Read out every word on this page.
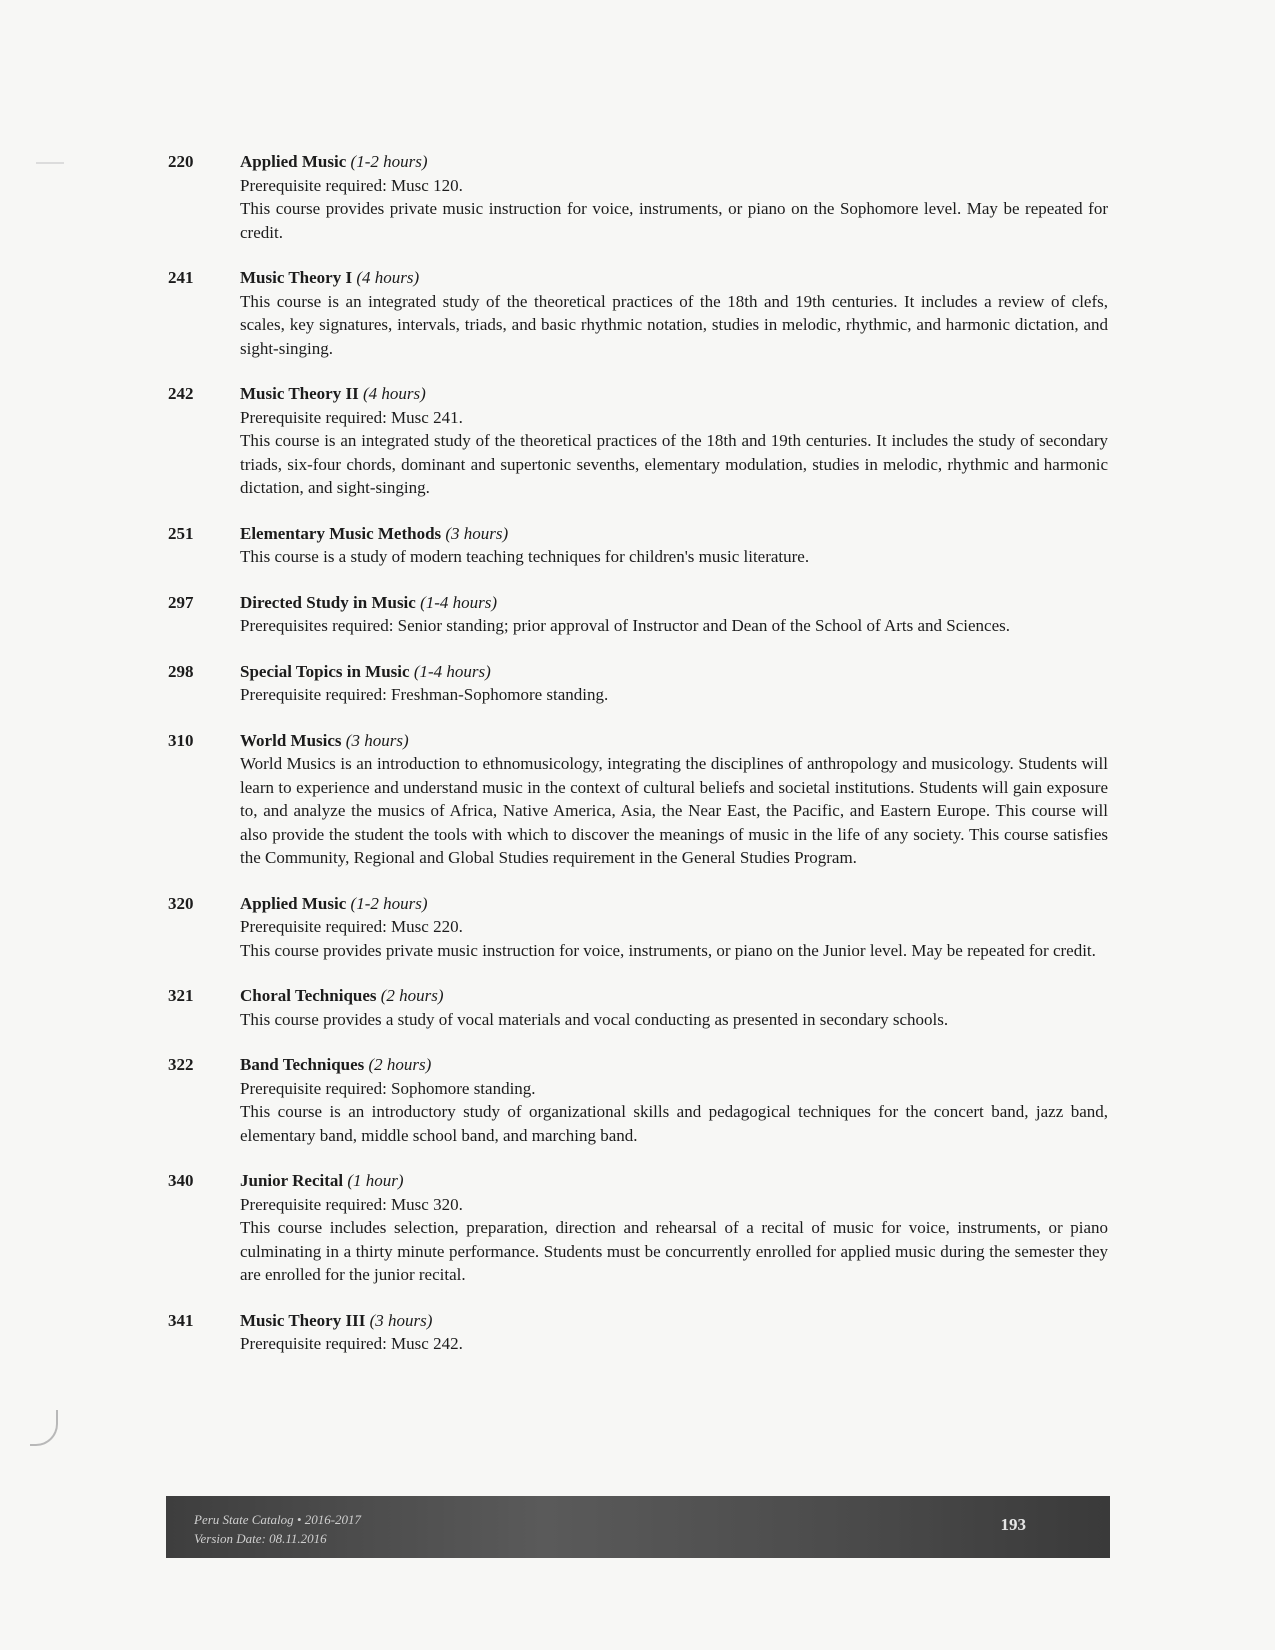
220	Applied Music (1-2 hours)
Prerequisite required: Musc 120.
This course provides private music instruction for voice, instruments, or piano on the Sophomore level. May be repeated for credit.
241	Music Theory I (4 hours)
This course is an integrated study of the theoretical practices of the 18th and 19th centuries. It includes a review of clefs, scales, key signatures, intervals, triads, and basic rhythmic notation, studies in melodic, rhythmic, and harmonic dictation, and sight-singing.
242	Music Theory II (4 hours)
Prerequisite required: Musc 241.
This course is an integrated study of the theoretical practices of the 18th and 19th centuries. It includes the study of secondary triads, six-four chords, dominant and supertonic sevenths, elementary modulation, studies in melodic, rhythmic and harmonic dictation, and sight-singing.
251	Elementary Music Methods (3 hours)
This course is a study of modern teaching techniques for children's music literature.
297	Directed Study in Music (1-4 hours)
Prerequisites required: Senior standing; prior approval of Instructor and Dean of the School of Arts and Sciences.
298	Special Topics in Music (1-4 hours)
Prerequisite required: Freshman-Sophomore standing.
310	World Musics (3 hours)
World Musics is an introduction to ethnomusicology, integrating the disciplines of anthropology and musicology. Students will learn to experience and understand music in the context of cultural beliefs and societal institutions. Students will gain exposure to, and analyze the musics of Africa, Native America, Asia, the Near East, the Pacific, and Eastern Europe. This course will also provide the student the tools with which to discover the meanings of music in the life of any society. This course satisfies the Community, Regional and Global Studies requirement in the General Studies Program.
320	Applied Music (1-2 hours)
Prerequisite required: Musc 220.
This course provides private music instruction for voice, instruments, or piano on the Junior level. May be repeated for credit.
321	Choral Techniques (2 hours)
This course provides a study of vocal materials and vocal conducting as presented in secondary schools.
322	Band Techniques (2 hours)
Prerequisite required: Sophomore standing.
This course is an introductory study of organizational skills and pedagogical techniques for the concert band, jazz band, elementary band, middle school band, and marching band.
340	Junior Recital (1 hour)
Prerequisite required: Musc 320.
This course includes selection, preparation, direction and rehearsal of a recital of music for voice, instruments, or piano culminating in a thirty minute performance. Students must be concurrently enrolled for applied music during the semester they are enrolled for the junior recital.
341	Music Theory III (3 hours)
Prerequisite required: Musc 242.
Peru State Catalog • 2016-2017
Version Date: 08.11.2016
193
